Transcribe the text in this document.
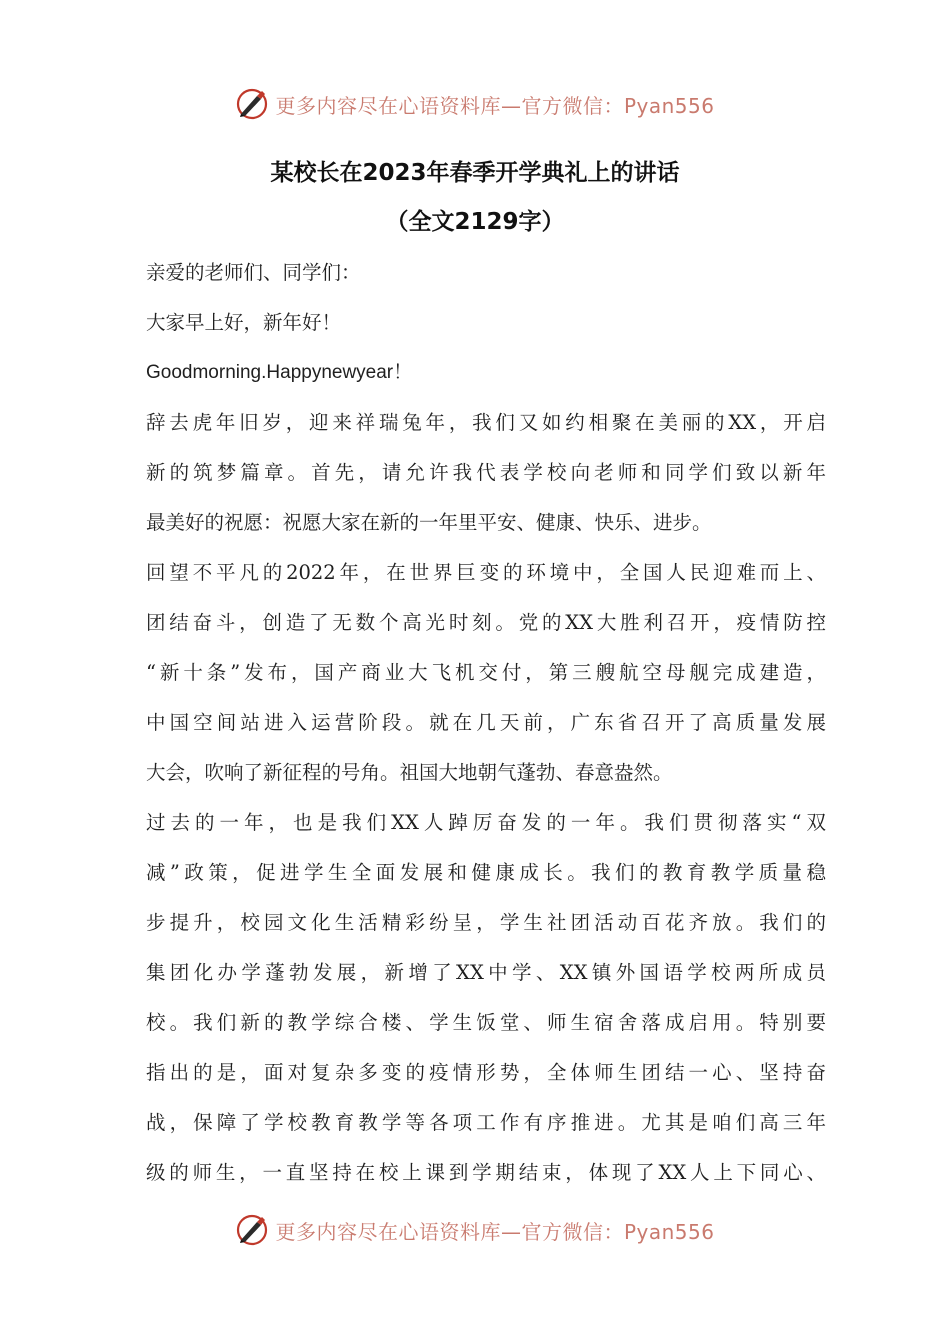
更多内容尽在心语资料库—官方微信：Pyan556
某校长在2023年春季开学典礼上的讲话
（全文2129字）
亲爱的老师们、同学们：
大家早上好，新年好！
Goodmorning.Happynewyear！
辞去虎年旧岁，迎来祥瑞兔年，我们又如约相聚在美丽的XX，开启
新的筑梦篇章。首先，请允许我代表学校向老师和同学们致以新年
最美好的祝愿：祝愿大家在新的一年里平安、健康、快乐、进步。
回望不平凡的2022年，在世界巨变的环境中，全国人民迎难而上、
团结奋斗，创造了无数个高光时刻。党的XX大胜利召开，疫情防控
“新十条”发布，国产商业大飞机交付，第三艘航空母舰完成建造，
中国空间站进入运营阶段。就在几天前，广东省召开了高质量发展
大会，吹响了新征程的号角。祖国大地朝气蓬勃、春意盎然。
过去的一年，也是我们XX人踔厉奋发的一年。我们贯彻落实“双
减”政策，促进学生全面发展和健康成长。我们的教育教学质量稳
步提升，校园文化生活精彩纷呈，学生社团活动百花齐放。我们的
集团化办学蓬勃发展，新增了XX中学、XX镇外国语学校两所成员
校。我们新的教学综合楼、学生饭堂、师生宿舍落成启用。特别要
指出的是，面对复杂多变的疫情形势，全体师生团结一心、坚持奋
战，保障了学校教育教学等各项工作有序推进。尤其是咱们高三年
级的师生，一直坚持在校上课到学期结束，体现了XX人上下同心、
更多内容尽在心语资料库—官方微信：Pyan556
